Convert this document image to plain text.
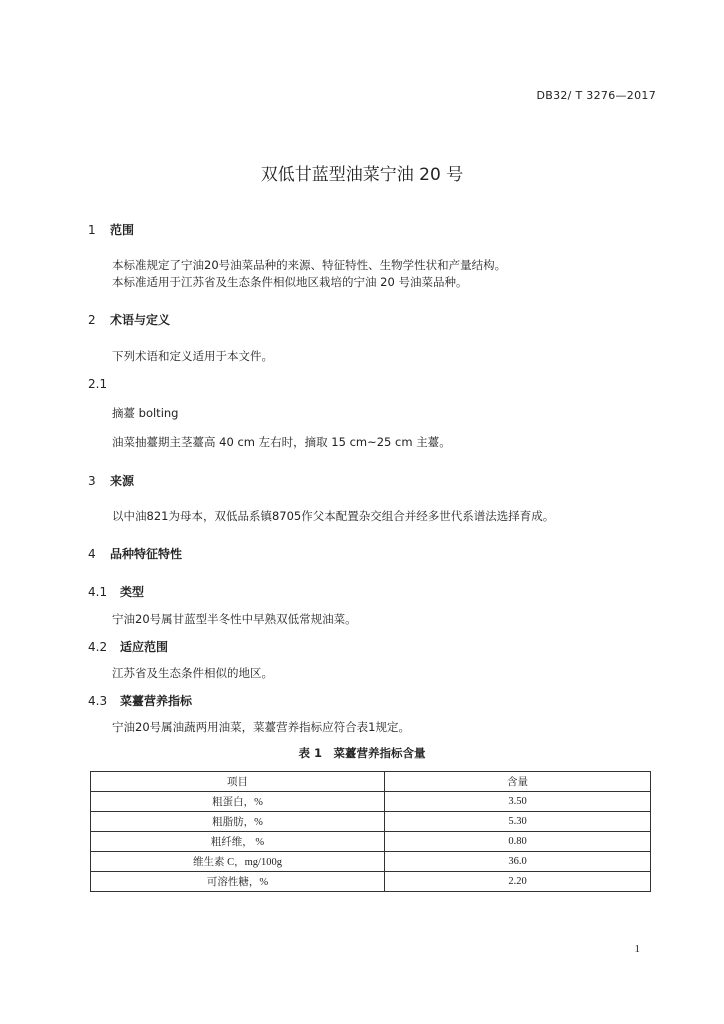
DB32/ T 3276—2017
双低甘蓝型油菜宁油 20 号
1 范围
本标准规定了宁油20号油菜品种的来源、特征特性、生物学性状和产量结构。
本标准适用于江苏省及生态条件相似地区栽培的宁油 20 号油菜品种。
2 术语与定义
下列术语和定义适用于本文件。
2.1
摘薹 bolting
油菜抽薹期主茎薹高 40 cm 左右时，摘取 15 cm~25 cm 主薹。
3 来源
以中油821为母本，双低品系镇8705作父本配置杂交组合并经多世代系谱法选择育成。
4 品种特征特性
4.1 类型
宁油20号属甘蓝型半冬性中早熟双低常规油菜。
4.2 适应范围
江苏省及生态条件相似的地区。
4.3 菜薹营养指标
宁油20号属油蔬两用油菜，菜薹营养指标应符合表1规定。
表 1　菜薹营养指标含量
项目	含量
粗蛋白，%	3.50
粗脂肪，%	5.30
粗纤维， %	0.80
维生素 C，mg/100g	36.0
可溶性糖，%	2.20
1
